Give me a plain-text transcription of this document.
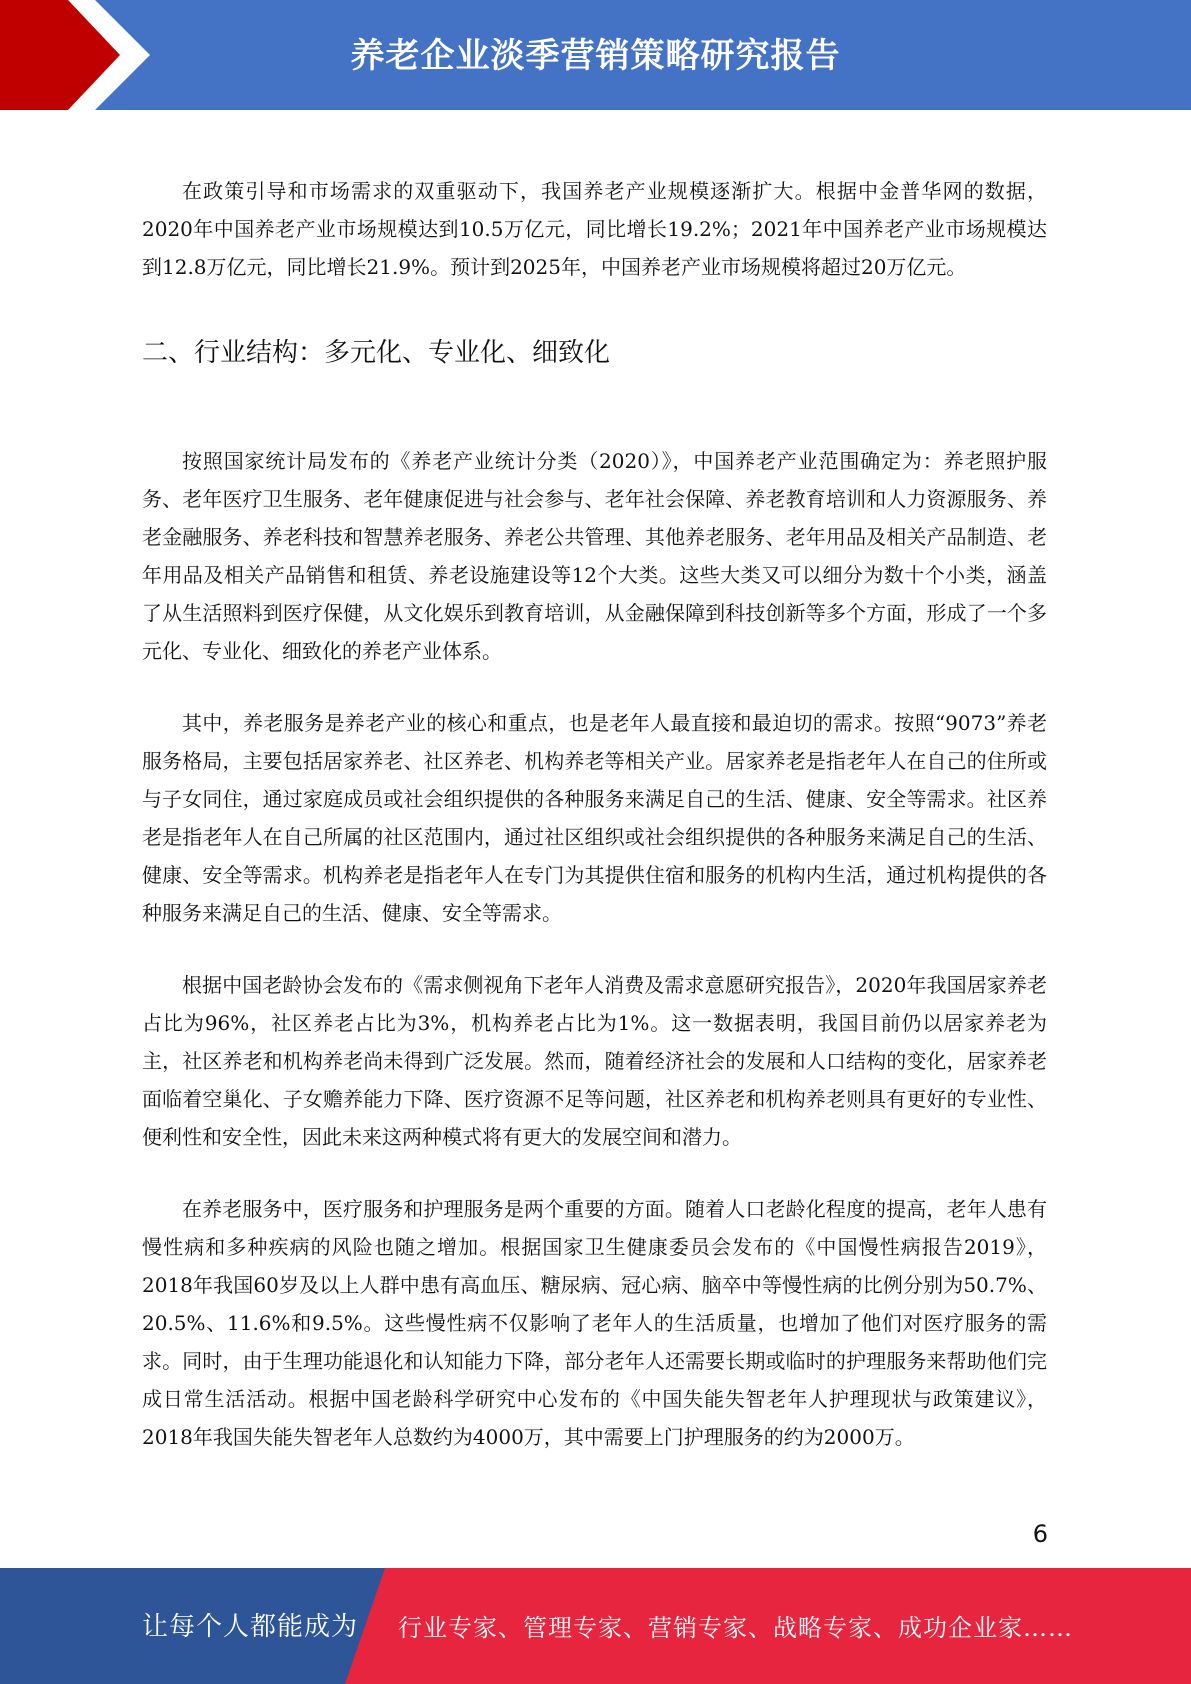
养老企业淡季营销策略研究报告

在政策引导和市场需求的双重驱动下，我国养老产业规模逐渐扩大。根据中金普华网的数据，2020年中国养老产业市场规模达到10.5万亿元，同比增长19.2%；2021年中国养老产业市场规模达到12.8万亿元，同比增长21.9%。预计到2025年，中国养老产业市场规模将超过20万亿元。

二、行业结构：多元化、专业化、细致化

按照国家统计局发布的《养老产业统计分类（2020）》，中国养老产业范围确定为：养老照护服务、老年医疗卫生服务、老年健康促进与社会参与、老年社会保障、养老教育培训和人力资源服务、养老金融服务、养老科技和智慧养老服务、养老公共管理、其他养老服务、老年用品及相关产品制造、老年用品及相关产品销售和租赁、养老设施建设等12个大类。这些大类又可以细分为数十个小类，涵盖了从生活照料到医疗保健，从文化娱乐到教育培训，从金融保障到科技创新等多个方面，形成了一个多元化、专业化、细致化的养老产业体系。

其中，养老服务是养老产业的核心和重点，也是老年人最直接和最迫切的需求。按照“9073”养老服务格局，主要包括居家养老、社区养老、机构养老等相关产业。居家养老是指老年人在自己的住所或与子女同住，通过家庭成员或社会组织提供的各种服务来满足自己的生活、健康、安全等需求。社区养老是指老年人在自己所属的社区范围内，通过社区组织或社会组织提供的各种服务来满足自己的生活、健康、安全等需求。机构养老是指老年人在专门为其提供住宿和服务的机构内生活，通过机构提供的各种服务来满足自己的生活、健康、安全等需求。

根据中国老龄协会发布的《需求侧视角下老年人消费及需求意愿研究报告》，2020年我国居家养老占比为96%，社区养老占比为3%，机构养老占比为1%。这一数据表明，我国目前仍以居家养老为主，社区养老和机构养老尚未得到广泛发展。然而，随着经济社会的发展和人口结构的变化，居家养老面临着空巢化、子女赡养能力下降、医疗资源不足等问题，社区养老和机构养老则具有更好的专业性、便利性和安全性，因此未来这两种模式将有更大的发展空间和潜力。

在养老服务中，医疗服务和护理服务是两个重要的方面。随着人口老龄化程度的提高，老年人患有慢性病和多种疾病的风险也随之增加。根据国家卫生健康委员会发布的《中国慢性病报告2019》，2018年我国60岁及以上人群中患有高血压、糖尿病、冠心病、脑卒中等慢性病的比例分别为50.7%、20.5%、11.6%和9.5%。这些慢性病不仅影响了老年人的生活质量，也增加了他们对医疗服务的需求。同时，由于生理功能退化和认知能力下降，部分老年人还需要长期或临时的护理服务来帮助他们完成日常生活活动。根据中国老龄科学研究中心发布的《中国失能失智老年人护理现状与政策建议》，2018年我国失能失智老年人总数约为4000万，其中需要上门护理服务的约为2000万。

6
让每个人都能成为 行业专家、管理专家、营销专家、战略专家、成功企业家……
